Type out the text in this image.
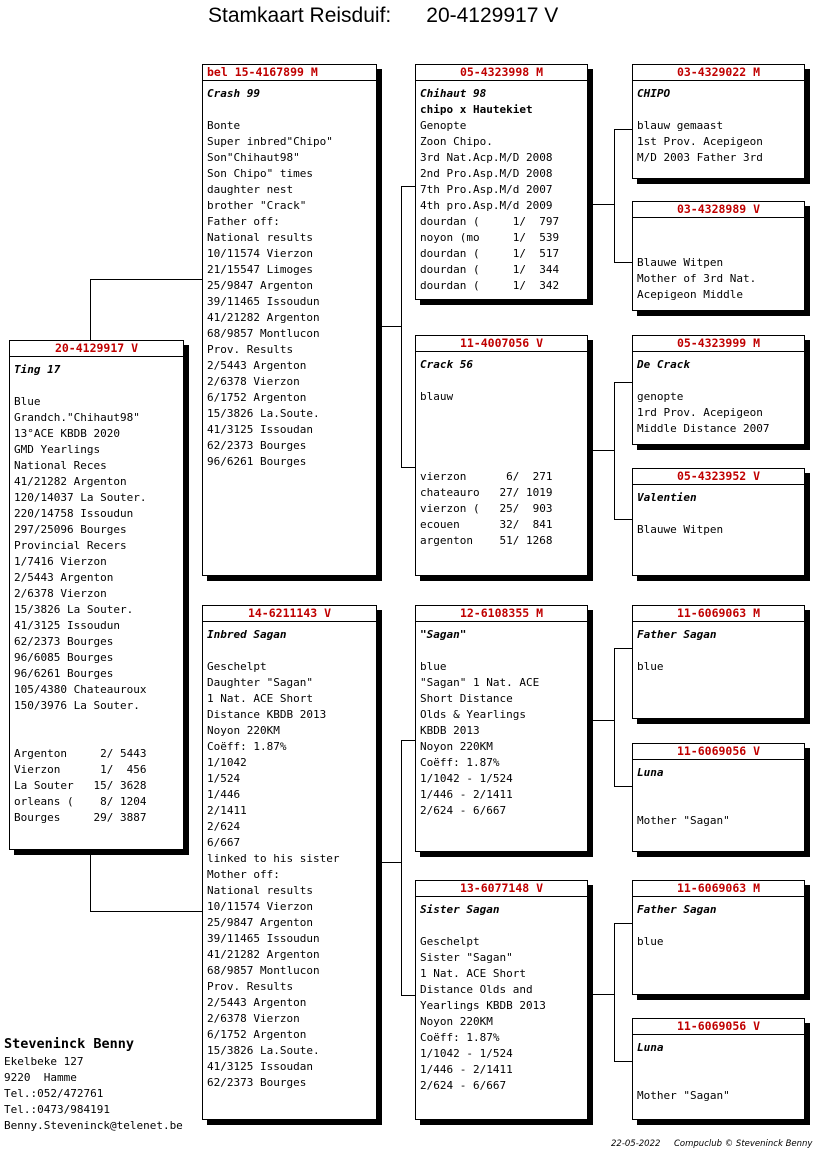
Stamkaart Reisduif: 20-4129917 V
20-4129917 V
Ting 17
Blue
Grandch."Chihaut98"
13°ACE KBDB 2020
GMD Yearlings
National Reces
41/21282 Argenton
120/14037 La Souter.
220/14758 Issoudun
297/25096 Bourges
Provincial Recers
1/7416 Vierzon
2/5443 Argenton
2/6378 Vierzon
15/3826 La Souter.
41/3125 Issoudun
62/2373 Bourges
96/6085 Bourges
96/6261 Bourges
105/4380 Chateauroux
150/3976 La Souter.
Argenton     2/ 5443
Vierzon      1/  456
La Souter   15/ 3628
orleans (    8/ 1204
Bourges     29/ 3887
bel 15-4167899 M
Crash 99
Bonte
Super inbred"Chipo"
Son"Chihaut98"
Son Chipo" times
daughter nest
brother "Crack"
Father off:
National results
10/11574 Vierzon
21/15547 Limoges
25/9847 Argenton
39/11465 Issoudun
41/21282 Argenton
68/9857 Montlucon
Prov. Results
2/5443 Argenton
2/6378 Vierzon
6/1752 Argenton
15/3826 La.Soute.
41/3125 Issoudan
62/2373 Bourges
96/6261 Bourges
14-6211143 V
Inbred Sagan
Geschelpt
Daughter "Sagan"
1 Nat. ACE Short
Distance KBDB 2013
Noyon 220KM
Coëff: 1.87%
1/1042
1/524
1/446
2/1411
2/624
6/667
linked to his sister
Mother off:
National results
10/11574 Vierzon
25/9847 Argenton
39/11465 Issoudun
41/21282 Argenton
68/9857 Montlucon
Prov. Results
2/5443 Argenton
2/6378 Vierzon
6/1752 Argenton
15/3826 La.Soute.
41/3125 Issoudan
62/2373 Bourges
05-4323998 M
Chihaut 98
chipo x Hautekiet
Genopte
Zoon Chipo.
3rd Nat.Acp.M/D 2008
2nd Pro.Asp.M/D 2008
7th Pro.Asp.M/d 2007
4th pro.Asp.M/d 2009
dourdan (     1/  797
noyon (mo     1/  539
dourdan (     1/  517
dourdan (     1/  344
dourdan (     1/  342
11-4007056 V
Crack 56
blauw
vierzon      6/  271
chateauro   27/ 1019
vierzon (   25/  903
ecouen      32/  841
argenton    51/ 1268
12-6108355 M
"Sagan"
blue
"Sagan" 1 Nat. ACE
Short Distance
Olds & Yearlings
KBDB 2013
Noyon 220KM
Coëff: 1.87%
1/1042 - 1/524
1/446 - 2/1411
2/624 - 6/667
13-6077148 V
Sister Sagan
Geschelpt
Sister "Sagan"
1 Nat. ACE Short
Distance Olds and
Yearlings KBDB 2013
Noyon 220KM
Coëff: 1.87%
1/1042 - 1/524
1/446 - 2/1411
2/624 - 6/667
03-4329022 M
CHIPO
blauw gemaast
1st Prov. Acepigeon
M/D 2003 Father 3rd
03-4328989 V
Blauwe Witpen
Mother of 3rd Nat.
Acepigeon Middle
05-4323999 M
De Crack
genopte
1rd Prov. Acepigeon
Middle Distance 2007
05-4323952 V
Valentien
Blauwe Witpen
11-6069063 M
Father Sagan
blue
11-6069056 V
Luna
Mother "Sagan"
11-6069063 M
Father Sagan
blue
11-6069056 V
Luna
Mother "Sagan"
Steveninck Benny
Ekelbeke 127
9220  Hamme
Tel.:052/472761
Tel.:0473/984191
Benny.Steveninck@telenet.be
22-05-2022 Compuclub © Steveninck Benny
